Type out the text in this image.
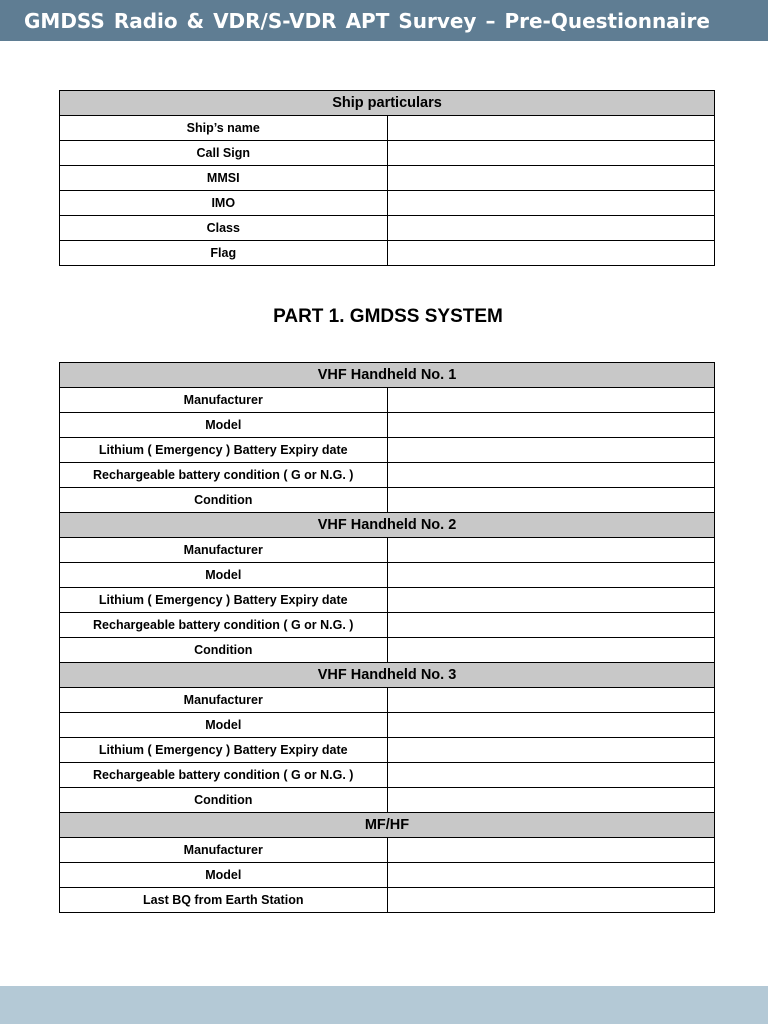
GMDSS Radio & VDR/S-VDR APT Survey – Pre-Questionnaire
Ship particulars	
Ship’s name	
Call Sign	
MMSI	
IMO	
Class	
Flag	
PART 1. GMDSS SYSTEM
VHF Handheld No. 1	
Manufacturer	
Model	
Lithium ( Emergency ) Battery Expiry date	
Rechargeable battery condition ( G or N.G. )	
Condition	
VHF Handheld No. 2	
Manufacturer	
Model	
Lithium ( Emergency ) Battery Expiry date	
Rechargeable battery condition ( G or N.G. )	
Condition	
VHF Handheld No. 3	
Manufacturer	
Model	
Lithium ( Emergency ) Battery Expiry date	
Rechargeable battery condition ( G or N.G. )	
Condition	
MF/HF	
Manufacturer	
Model	
Last BQ from Earth Station	
